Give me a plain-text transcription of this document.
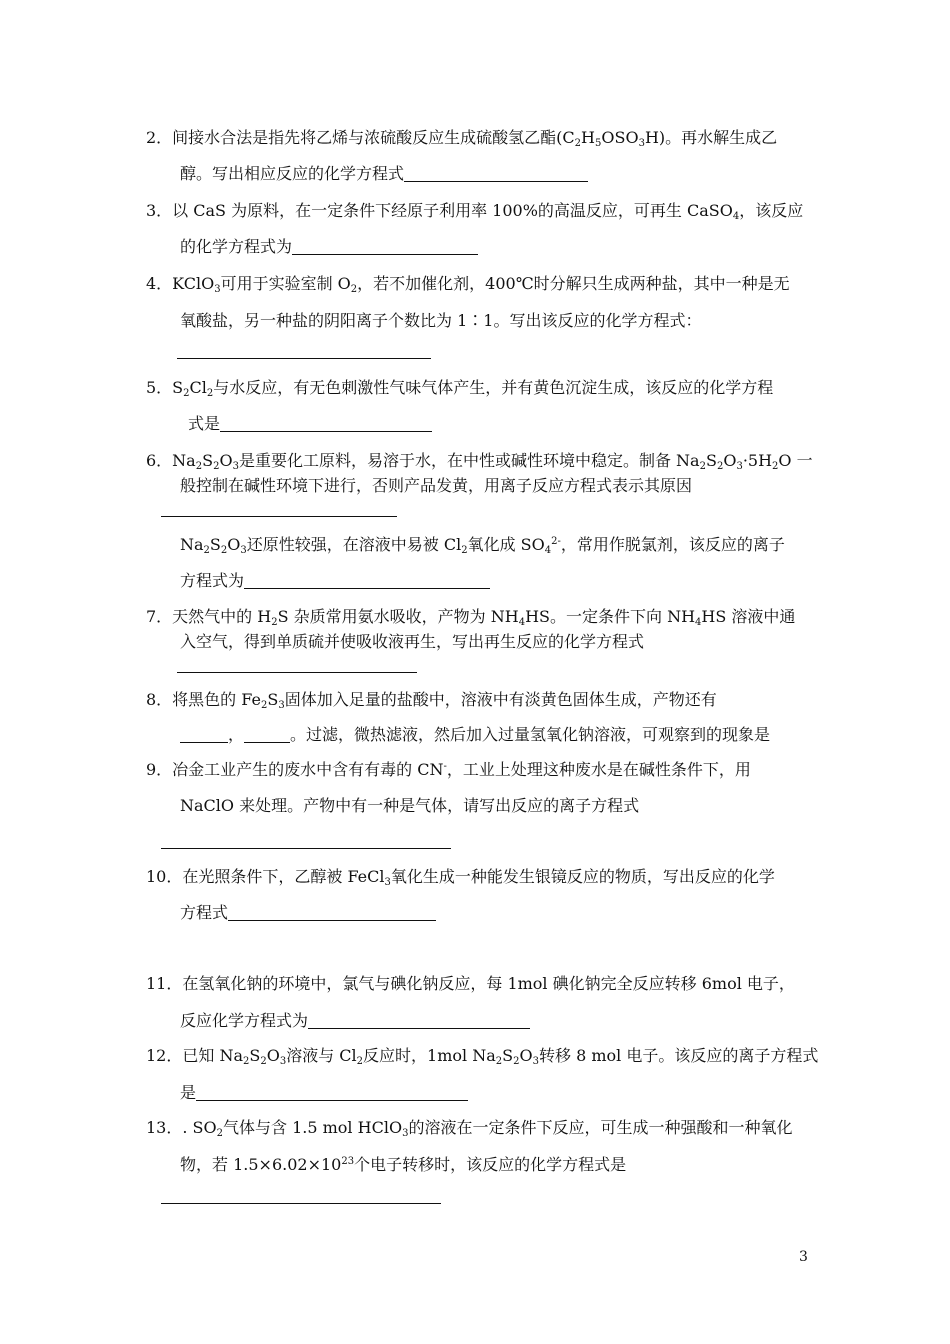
2．间接水合法是指先将乙烯与浓硫酸反应生成硫酸氢乙酯$(C_2H_5OSO_3H)$。再水解生成乙
醇。写出相应反应的化学方程式
3．以 CaS 为原料，在一定条件下经原子利用率 100%的高温反应，可再生 CaSO$_4$，该反应
的化学方程式为
4．KClO$_3$可用于实验室制 $O_2$，若不加催化剂，400℃时分解只生成两种盐，其中一种是无
氧酸盐，另一种盐的阴阳离子个数比为 1∶1。写出该反应的化学方程式：
5．$S_2Cl_2$与水反应，有无色刺激性气味气体产生，并有黄色沉淀生成，该反应的化学方程
式是
6．$Na_2S_2O_3$是重要化工原料，易溶于水，在中性或碱性环境中稳定。制备 $Na_2S_2O_3\cdot 5H_2O$ 一
般控制在碱性环境下进行，否则产品发黄，用离子反应方程式表示其原因
$Na_2S_2O_3$还原性较强，在溶液中易被 $Cl_2$氧化成 $SO_4^{2-}$，常用作脱氯剂，该反应的离子
方程式为
7．天然气中的 $H_2S$ 杂质常用氨水吸收，产物为 $NH_4HS$。一定条件下向 $NH_4HS$ 溶液中通
入空气，得到单质硫并使吸收液再生，写出再生反应的化学方程式
8．将黑色的 $Fe_2S_3$固体加入足量的盐酸中，溶液中有淡黄色固体生成，产物还有
，	。过滤，微热滤液，然后加入过量氢氧化钠溶液，可观察到的现象是
9．冶金工业产生的废水中含有有毒的 CN-，工业上处理这种废水是在碱性条件下，用
NaClO 来处理。产物中有一种是气体，请写出反应的离子方程式
10．在光照条件下，乙醇被 FeCl$_3$氧化生成一种能发生银镜反应的物质，写出反应的化学
方程式
11．在氢氧化钠的环境中，氯气与碘化钠反应，每 1mol 碘化钠完全反应转移 6mol 电子，
反应化学方程式为
12．已知 $Na_2S_2O_3$溶液与 $Cl_2$反应时，1mol $Na_2S_2O_3$转移 8 mol 电子。该反应的离子方程式
是
13．. $SO_2$气体与含 1.5 mol HClO$_3$的溶液在一定条件下反应，可生成一种强酸和一种氧化
物，若 $1.5\times 6.02\times 10^{23}$个电子转移时，该反应的化学方程式是
3
